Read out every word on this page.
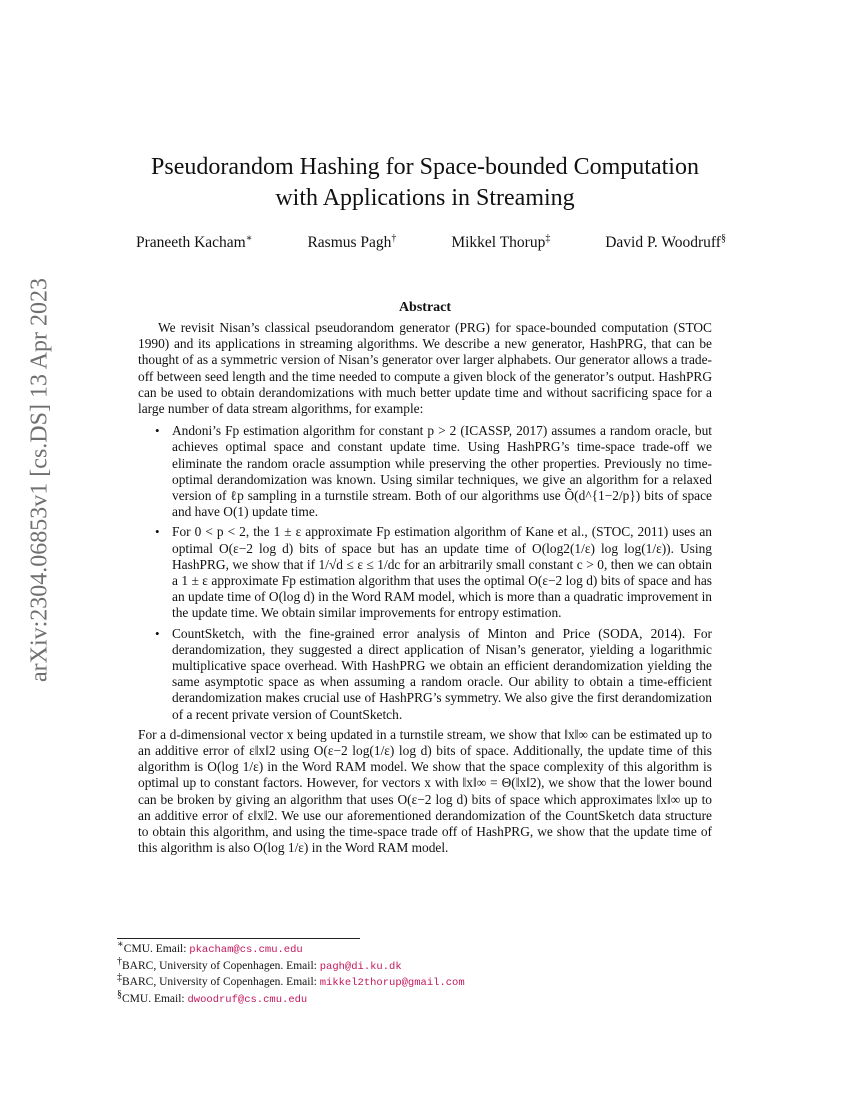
arXiv:2304.06853v1 [cs.DS] 13 Apr 2023
Pseudorandom Hashing for Space-bounded Computation
with Applications in Streaming
Praneeth Kacham∗	Rasmus Pagh†	Mikkel Thorup‡	David P. Woodruff§
Abstract

We revisit Nisan’s classical pseudorandom generator (PRG) for space-bounded computation (STOC 1990) and its applications in streaming algorithms. We describe a new generator, HashPRG, that can be thought of as a symmetric version of Nisan’s generator over larger alphabets. Our generator allows a trade-off between seed length and the time needed to compute a given block of the generator’s output. HashPRG can be used to obtain derandomizations with much better update time and without sacrificing space for a large number of data stream algorithms, for example:

• Andoni’s Fp estimation algorithm for constant p > 2 (ICASSP, 2017) assumes a random oracle, but achieves optimal space and constant update time. Using HashPRG’s time-space trade-off we eliminate the random oracle assumption while preserving the other properties. Previously no time-optimal derandomization was known. Using similar techniques, we give an algorithm for a relaxed version of ℓp sampling in a turnstile stream. Both of our algorithms use Õ(d^{1−2/p}) bits of space and have O(1) update time.
• For 0 < p < 2, the 1 ± ε approximate Fp estimation algorithm of Kane et al., (STOC, 2011) uses an optimal O(ε−2 log d) bits of space but has an update time of O(log2(1/ε) log log(1/ε)). Using HashPRG, we show that if 1/√d ≤ ε ≤ 1/dc for an arbitrarily small constant c > 0, then we can obtain a 1 ± ε approximate Fp estimation algorithm that uses the optimal O(ε−2 log d) bits of space and has an update time of O(log d) in the Word RAM model, which is more than a quadratic improvement in the update time. We obtain similar improvements for entropy estimation.
• CountSketch, with the fine-grained error analysis of Minton and Price (SODA, 2014). For derandomization, they suggested a direct application of Nisan’s generator, yielding a logarithmic multiplicative space overhead. With HashPRG we obtain an efficient derandomization yielding the same asymptotic space as when assuming a random oracle. Our ability to obtain a time-efficient derandomization makes crucial use of HashPRG’s symmetry. We also give the first derandomization of a recent private version of CountSketch.

For a d-dimensional vector x being updated in a turnstile stream, we show that ‖x‖∞ can be estimated up to an additive error of ε‖x‖2 using O(ε−2 log(1/ε) log d) bits of space. Additionally, the update time of this algorithm is O(log 1/ε) in the Word RAM model. We show that the space complexity of this algorithm is optimal up to constant factors. However, for vectors x with ‖x‖∞ = Θ(‖x‖2), we show that the lower bound can be broken by giving an algorithm that uses O(ε−2 log d) bits of space which approximates ‖x‖∞ up to an additive error of ε‖x‖2. We use our aforementioned derandomization of the CountSketch data structure to obtain this algorithm, and using the time-space trade off of HashPRG, we show that the update time of this algorithm is also O(log 1/ε) in the Word RAM model.

∗CMU. Email: pkacham@cs.cmu.edu
†BARC, University of Copenhagen. Email: pagh@di.ku.dk
‡BARC, University of Copenhagen. Email: mikkel2thorup@gmail.com
§CMU. Email: dwoodruf@cs.cmu.edu
